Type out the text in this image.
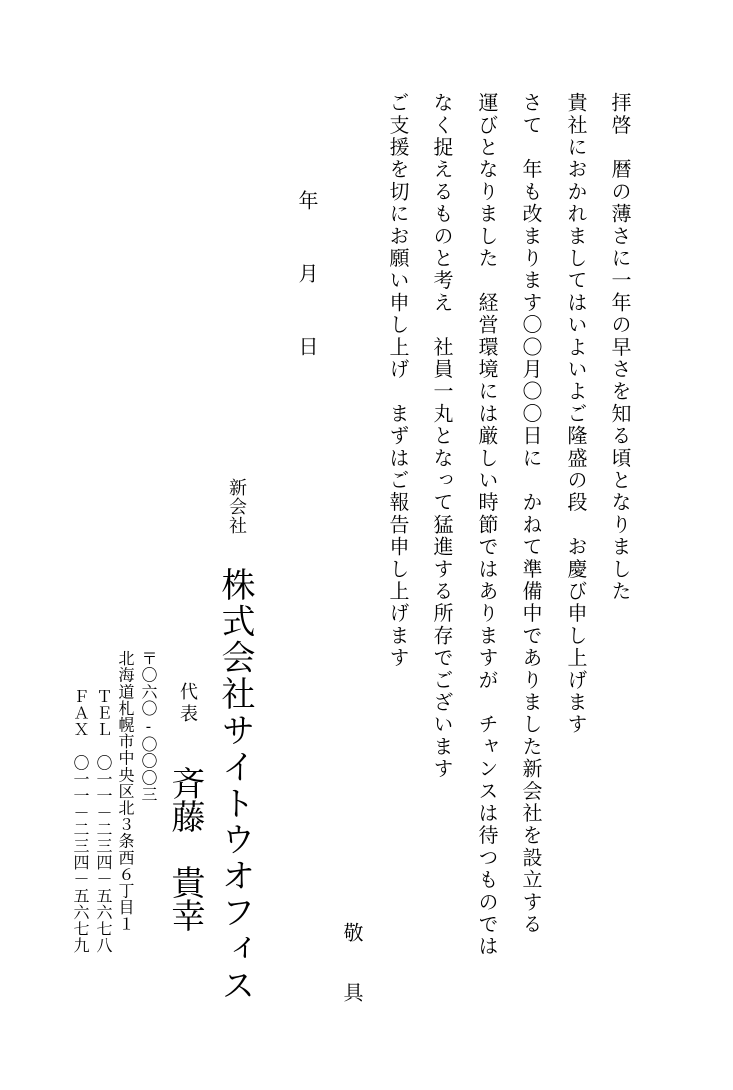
拝啓　暦の薄さに一年の早さを知る頃となりました
貴社におかれましてはいよいよご隆盛の段　お慶び申し上げます
さて　年も改まります〇〇月〇〇日に　かねて準備中でありました新会社を設立する
運びとなりました　経営環境には厳しい時節ではありますが　チャンスは待つものでは
なく捉えるものと考え　社員一丸となって猛進する所存でございます
ご支援を切にお願い申し上げ　まずはご報告申し上げます
敬　具
年
月
日
新会社
株式会社サイトウオフィス
代表
斉藤　貴幸
〒〇六〇-〇〇〇三
北海道札幌市中央区北３条西６丁目１
ＴＥＬ　〇一一－二三四－五六七八
ＦＡＸ　〇一一－二三四－五六七九
